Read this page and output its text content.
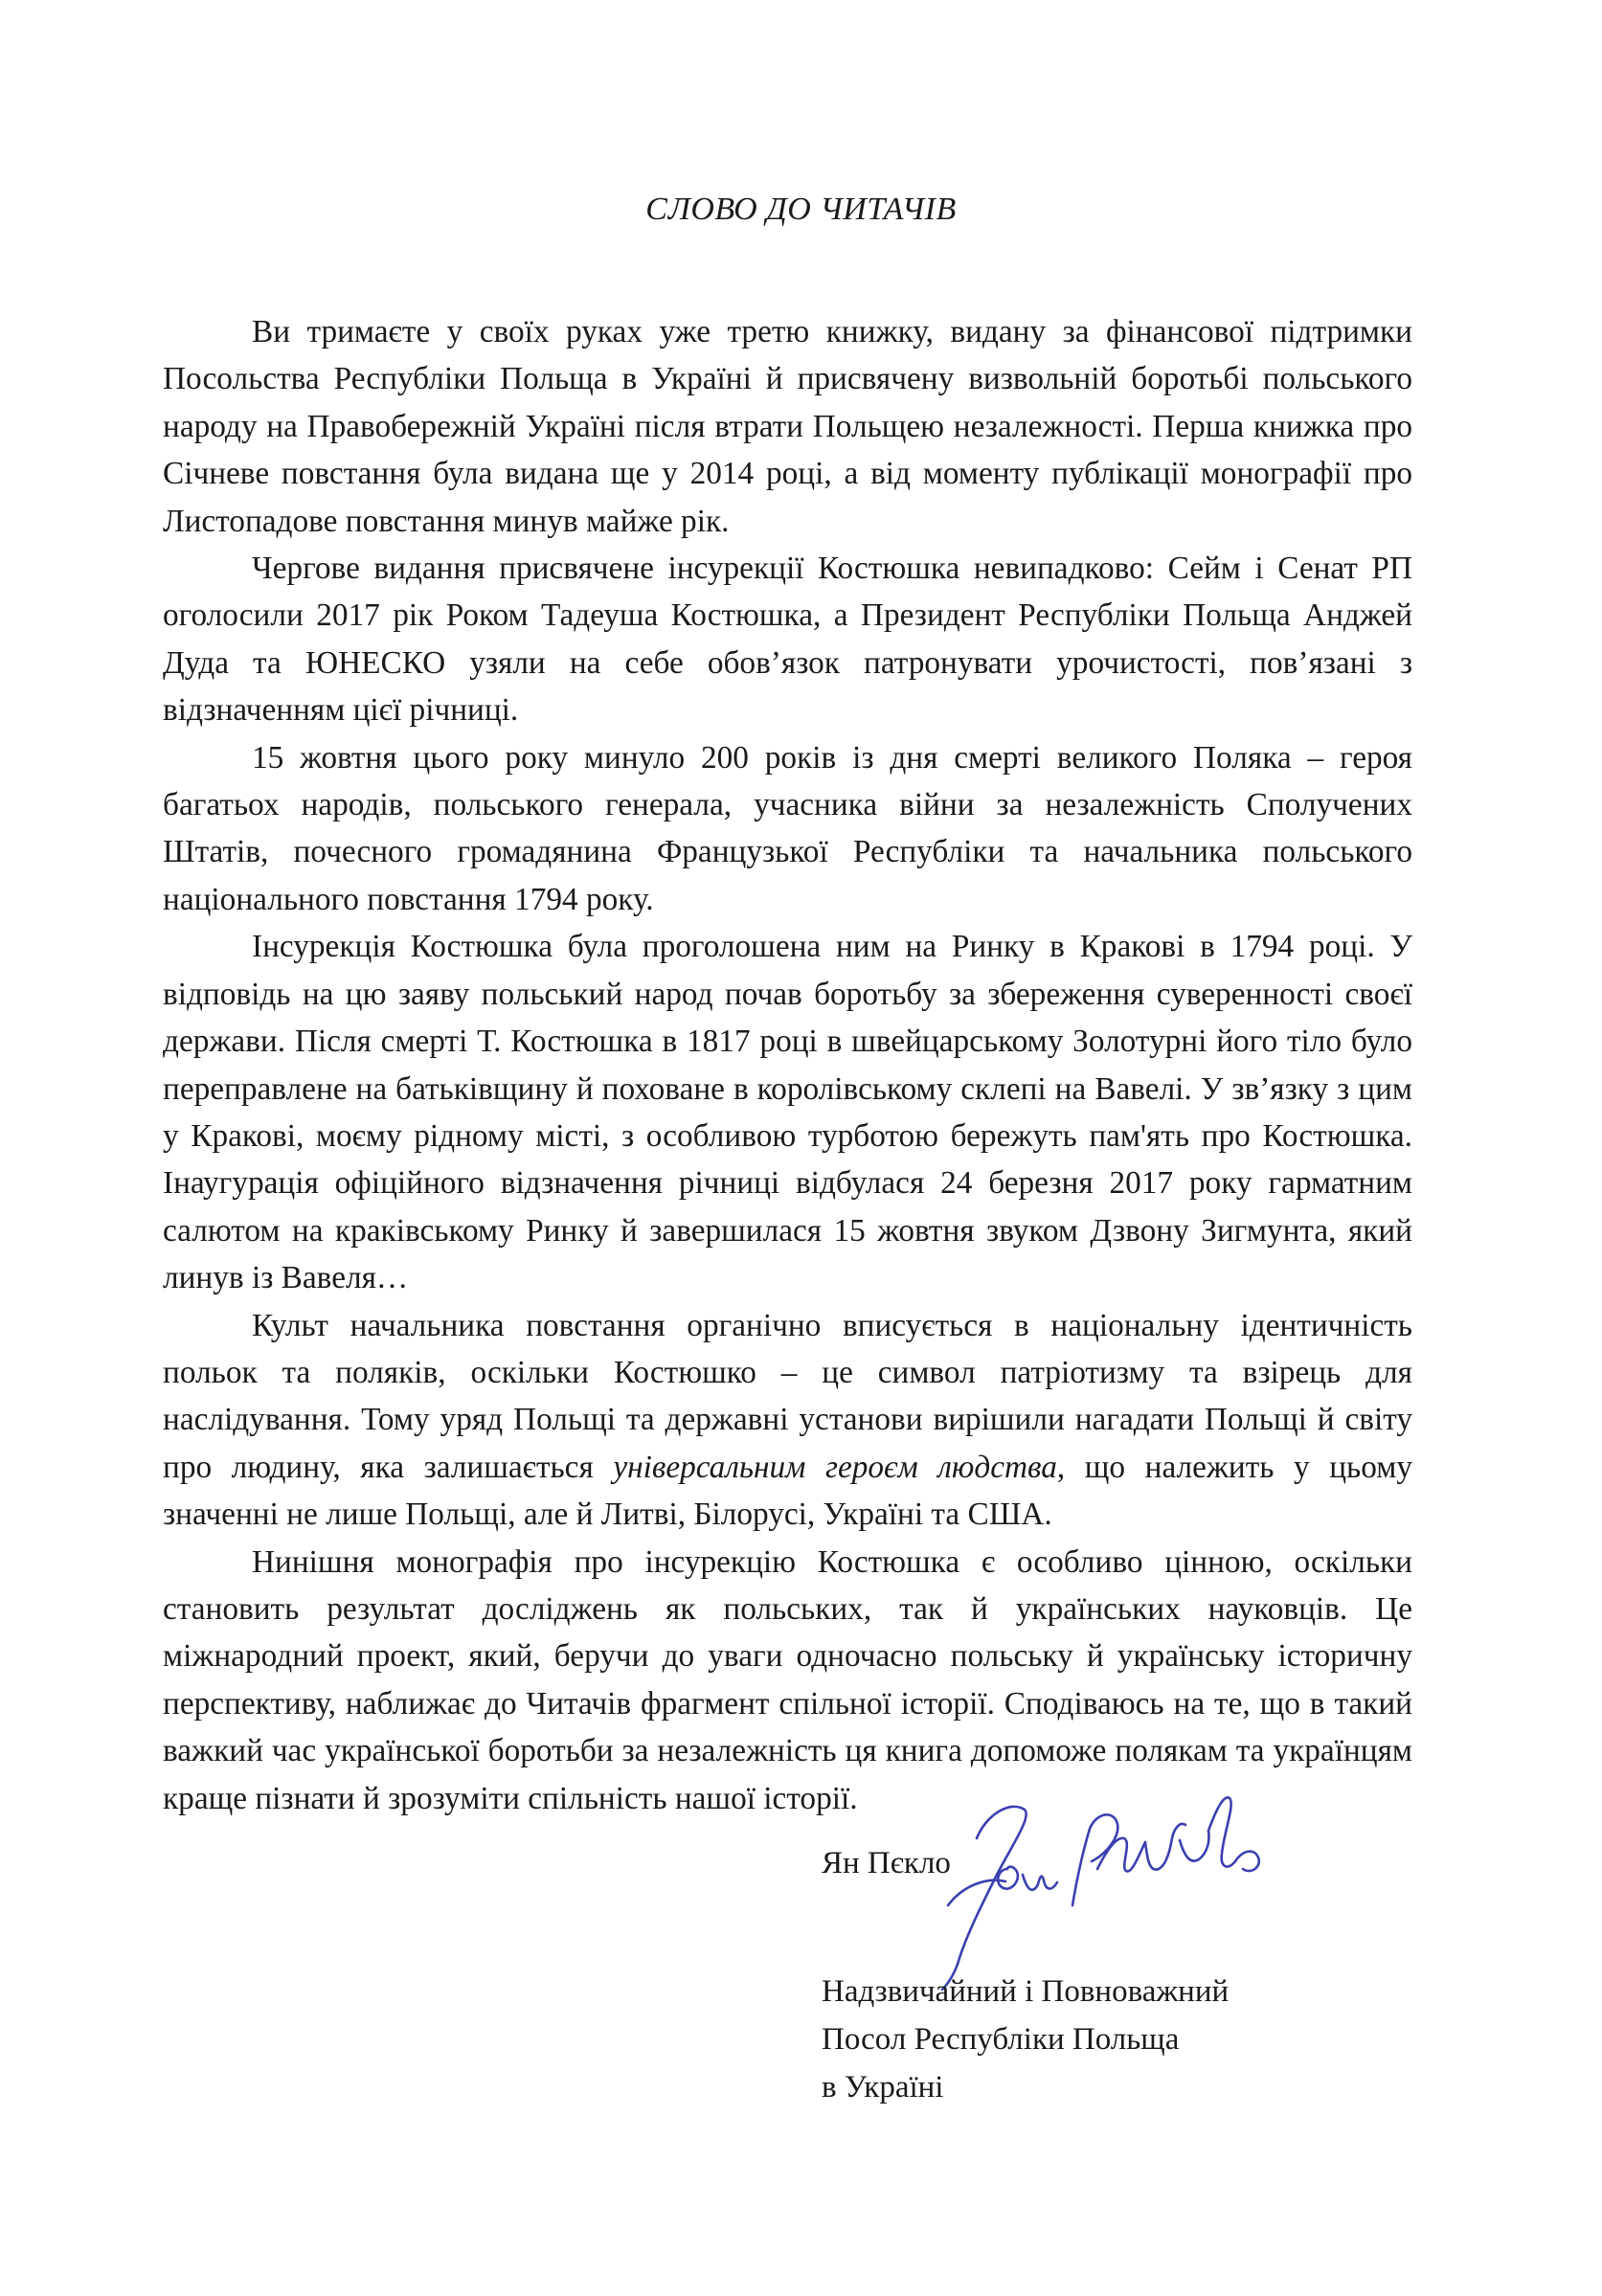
СЛОВО ДО ЧИТАЧІВ

Ви тримаєте у своїх руках уже третю книжку, видану за фінансової підтримки Посольства Республіки Польща в Україні й присвячену визвольній боротьбі польського народу на Правобережній Україні після втрати Польщею незалежності. Перша книжка про Січневе повстання була видана ще у 2014 році, а від моменту публікації монографії про Листопадове повстання минув майже рік.

Чергове видання присвячене інсурекції Костюшка невипадково: Сейм і Сенат РП оголосили 2017 рік Роком Тадеуша Костюшка, а Президент Республіки Польща Анджей Дуда та ЮНЕСКО узяли на себе обов’язок патронувати урочистості, пов’язані з відзначенням цієї річниці.

15 жовтня цього року минуло 200 років із дня смерті великого Поляка – героя багатьох народів, польського генерала, учасника війни за незалежність Сполучених Штатів, почесного громадянина Французької Республіки та начальника польського національного повстання 1794 року.

Інсурекція Костюшка була проголошена ним на Ринку в Кракові в 1794 році. У відповідь на цю заяву польський народ почав боротьбу за збереження суверенності своєї держави. Після смерті Т. Костюшка в 1817 році в швейцарському Золотурні його тіло було переправлене на батьківщину й поховане в королівському склепі на Вавелі. У зв’язку з цим у Кракові, моєму рідному місті, з особливою турботою бережуть пам'ять про Костюшка. Інаугурація офіційного відзначення річниці відбулася 24 березня 2017 року гарматним салютом на краківському Ринку й завершилася 15 жовтня звуком Дзвону Зигмунта, який линув із Вавеля…

Культ начальника повстання органічно вписується в національну ідентичність польок та поляків, оскільки Костюшко – це символ патріотизму та взірець для наслідування. Тому уряд Польщі та державні установи вирішили нагадати Польщі й світу про людину, яка залишається універсальним героєм людства, що належить у цьому значенні не лише Польщі, але й Литві, Білорусі, Україні та США.

Нинішня монографія про інсурекцію Костюшка є особливо цінною, оскільки становить результат досліджень як польських, так й українських науковців. Це міжнародний проект, який, беручи до уваги одночасно польську й українську історичну перспективу, наближає до Читачів фрагмент спільної історії. Сподіваюсь на те, що в такий важкий час української боротьби за незалежність ця книга допоможе полякам та українцям краще пізнати й зрозуміти спільність нашої історії.

Ян Пєкло
Надзвичайний і Повноважний
Посол Республіки Польща
в Україні
